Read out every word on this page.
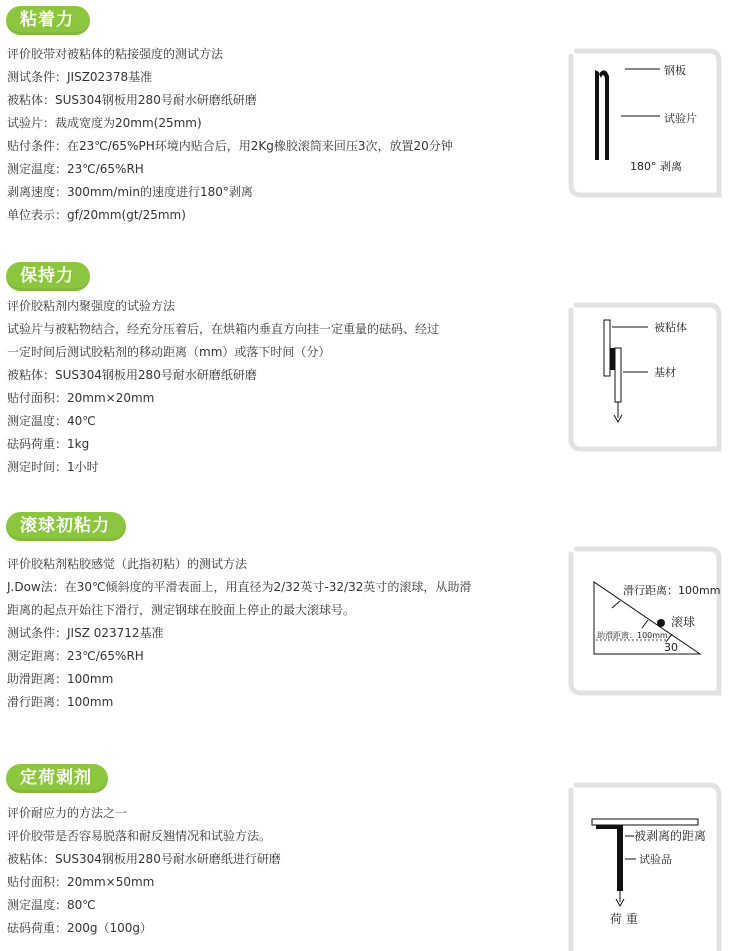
粘着力
评价胶带对被粘体的粘接强度的测试方法
测试条件：JISZ02378基准
被粘体：SUS304钢板用280号耐水研磨纸研磨
试验片：裁成宽度为20mm(25mm)
贴付条件：在23℃/65%PH环境内贴合后，用2Kg橡胶滚筒来回压3次，放置20分钟
测定温度：23℃/65%RH
剥离速度：300mm/min的速度进行180°剥离
单位表示：gf/20mm(gt/25mm)
钢板
试验片
180° 剥离
保持力
评价胶粘剂内聚强度的试验方法
试验片与被粘物结合，经充分压着后，在烘箱内垂直方向挂一定重量的砝码、经过
一定时间后测试胶粘剂的移动距离（mm）或落下时间（分）
被粘体：SUS304钢板用280号耐水研磨纸研磨
贴付面积：20mm×20mm
测定温度：40℃
砝码荷重：1kg
测定时间：1小时
被粘体
基材
滚球初粘力
评价胶粘剂粘胶感觉（此指初粘）的测试方法
J.Dow法：在30℃倾斜度的平滑表面上，用直径为2/32英寸-32/32英寸的滚球，从助滑
距离的起点开始往下滑行，测定钢球在胶面上停止的最大滚球号。
测试条件：JISZ 023712基准
测定距离：23℃/65%RH
助滑距离：100mm
滑行距离：100mm
滑行距离：100mm
滚球
助滑距离：100mm
30
定荷剥剂
评价耐应力的方法之一
评价胶带是否容易脱落和耐反翘情况和试验方法。
被粘体：SUS304钢板用280号耐水研磨纸进行研磨
贴付面积：20mm×50mm
测定温度：80℃
砝码荷重：200g（100g）
被剥离的距离
试验品
荷 重
